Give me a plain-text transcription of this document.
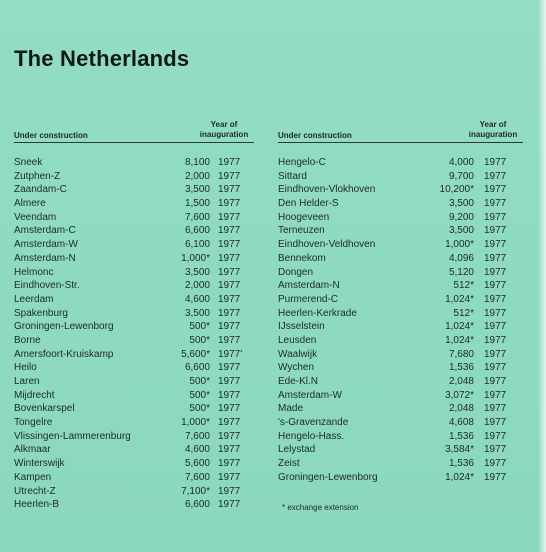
The Netherlands
Under construction
Year of
inauguration
Sneek	8,100 1977
Zutphen-Z	2,000 1977
Zaandam-C	3,500 1977
Almere	1,500 1977
Veendam	7,600 1977
Amsterdam-C	6,600 1977
Amsterdam-W	6,100 1977
Amsterdam-N	1,000* 1977
Helmonc	3,500 1977
Eindhoven-Str.	2,000 1977
Leerdam	4,600 1977
Spakenburg	3,500 1977
Groningen-Lewenborg	500* 1977
Borne	500* 1977
Amersfoort-Kruiskamp	5,600* 1977'
Heilo	6,600 1977
Laren	500* 1977
Mijdrecht	500* 1977
Bovenkarspel	500* 1977
Tongelre	1,000* 1977
Vlissingen-Lammerenburg	7,600 1977
Alkmaar	4,600 1977
Winterswijk	5,600 1977
Kampen	7,600 1977
Utrecht-Z	7,100* 1977
Heerlen-B	6,600 1977
Under construction
Year of
inauguration
Hengelo-C	4,000 1977
Sittard	9,700 1977
Eindhoven-Vlokhoven	10,200* 1977
Den Helder-S	3,500 1977
Hoogeveen	9,200 1977
Terneuzen	3,500 1977
Eindhoven-Veldhoven	1,000* 1977
Bennekom	4,096 1977
Dongen	5,120 1977
Amsterdam-N	512* 1977
Purmerend-C	1,024* 1977
Heerlen-Kerkrade	512* 1977
IJsselstein	1,024* 1977
Leusden	1,024* 1977
Waalwijk	7,680 1977
Wychen	1,536 1977
Ede-Kl.N	2,048 1977
Amsterdam-W	3,072* 1977
Made	2,048 1977
's-Gravenzande	4,608 1977
Hengelo-Hass.	1,536 1977
Lelystad	3,584* 1977
Zeist	1,536 1977
Groningen-Lewenborg	1,024* 1977
* exchange extension
